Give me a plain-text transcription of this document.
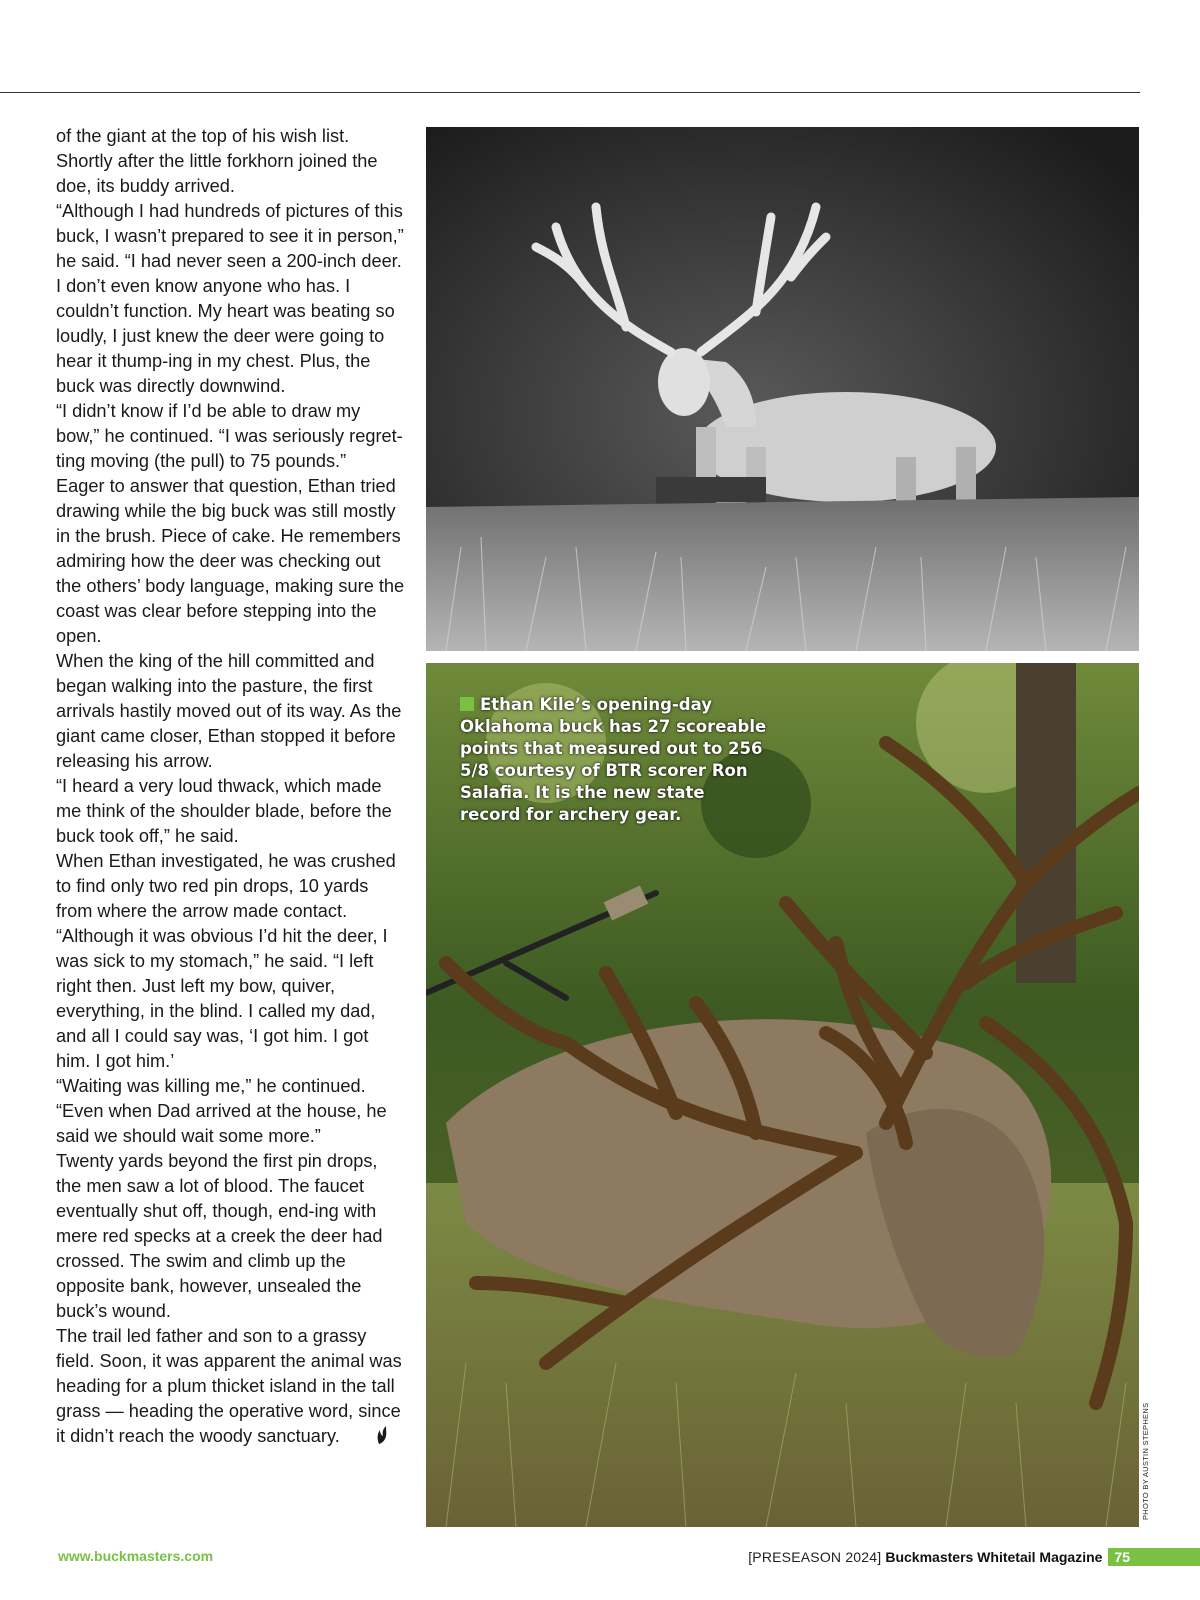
of the giant at the top of his wish list. Shortly after the little forkhorn joined the doe, its buddy arrived.

“Although I had hundreds of pictures of this buck, I wasn’t prepared to see it in person,” he said. “I had never seen a 200-inch deer. I don’t even know anyone who has. I couldn’t function. My heart was beating so loudly, I just knew the deer were going to hear it thump-ing in my chest. Plus, the buck was directly downwind.

“I didn’t know if I’d be able to draw my bow,” he continued. “I was seriously regret-ting moving (the pull) to 75 pounds.”

Eager to answer that question, Ethan tried drawing while the big buck was still mostly in the brush. Piece of cake. He remembers admiring how the deer was checking out the others’ body language, making sure the coast was clear before stepping into the open.

When the king of the hill committed and began walking into the pasture, the first arrivals hastily moved out of its way. As the giant came closer, Ethan stopped it before releasing his arrow.

“I heard a very loud thwack, which made me think of the shoulder blade, before the buck took off,” he said.

When Ethan investigated, he was crushed to find only two red pin drops, 10 yards from where the arrow made contact.

“Although it was obvious I’d hit the deer, I was sick to my stomach,” he said. “I left right then. Just left my bow, quiver, everything, in the blind. I called my dad, and all I could say was, ‘I got him. I got him. I got him.’

“Waiting was killing me,” he continued. “Even when Dad arrived at the house, he said we should wait some more.”

Twenty yards beyond the first pin drops, the men saw a lot of blood. The faucet eventually shut off, though, end-ing with mere red specks at a creek the deer had crossed. The swim and climb up the opposite bank, however, unsealed the buck’s wound.

The trail led father and son to a grassy field. Soon, it was apparent the animal was heading for a plum thicket island in the tall grass — heading the operative word, since it didn’t reach the woody sanctuary.

Ethan Kile’s opening-day Oklahoma buck has 27 scoreable points that measured out to 256 5/8 courtesy of BTR scorer Ron Salafia. It is the new state record for archery gear.
PHOTO BY AUSTIN STEPHENS
www.buckmasters.com	[PRESEASON 2024] Buckmasters Whitetail Magazine 75
